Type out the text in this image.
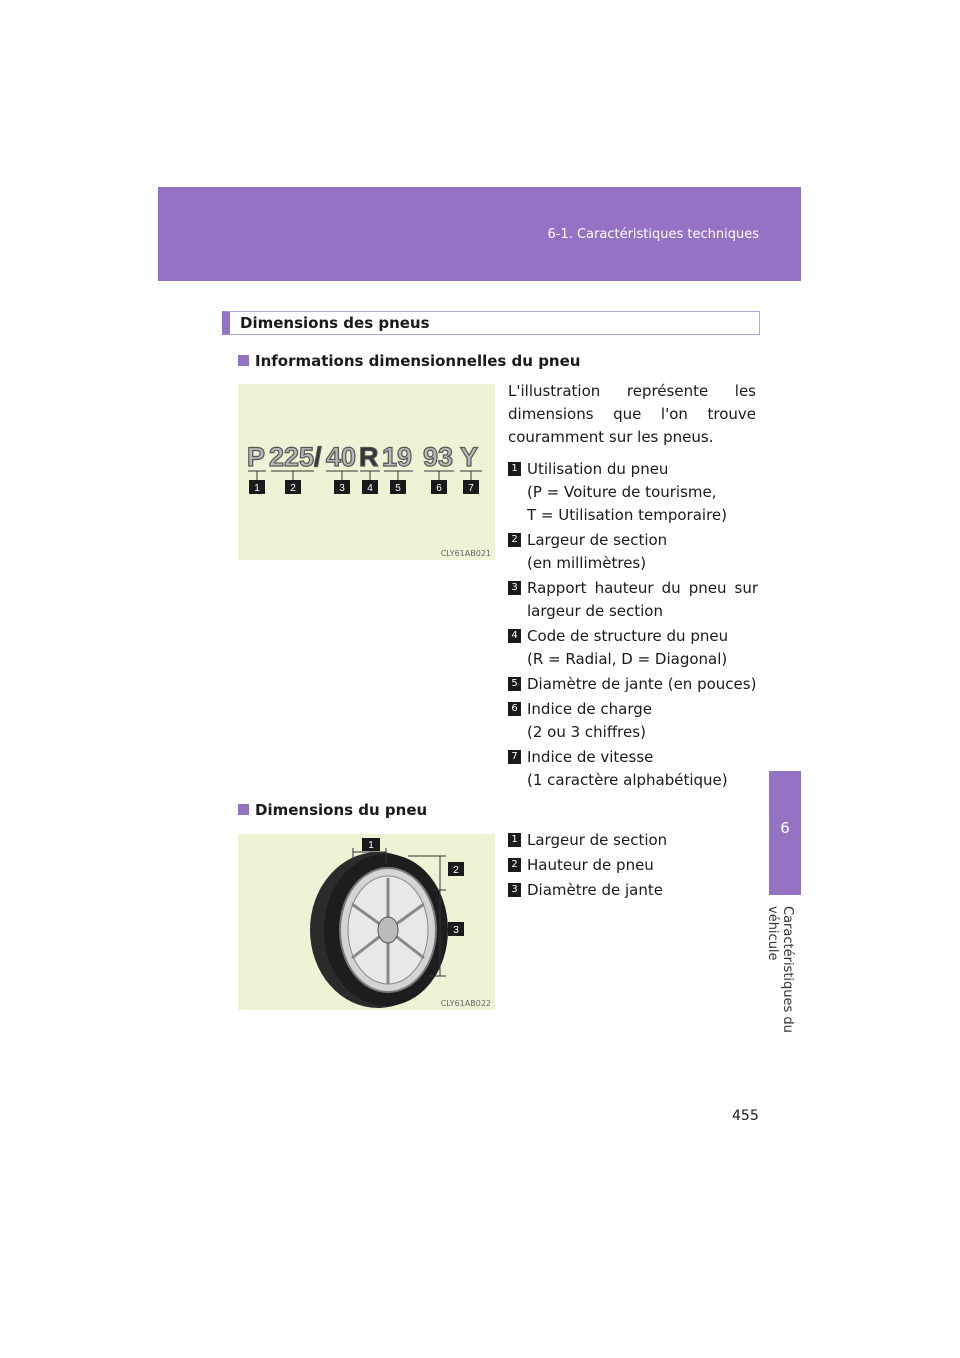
6-1. Caractéristiques techniques
6
Caractéristiques du véhicule
455
Dimensions des pneus
Informations dimensionnelles du pneu
P 225 / 40 R 19 93 Y
1	2	3 4 5	6	7
CLY61AB021
L'illustration représente les dimensions que l'on trouve couramment sur les pneus.
1 Utilisation du pneu
(P = Voiture de tourisme,
T = Utilisation temporaire)
2 Largeur de section
(en millimètres)
3 Rapport hauteur du pneu sur
largeur de section
4 Code de structure du pneu
(R = Radial, D = Diagonal)
5 Diamètre de jante (en pouces)
6 Indice de charge
(2 ou 3 chiffres)
7 Indice de vitesse
(1 caractère alphabétique)
Dimensions du pneu
1
2
3
CLY61AB022
1 Largeur de section
2 Hauteur de pneu
3 Diamètre de jante
